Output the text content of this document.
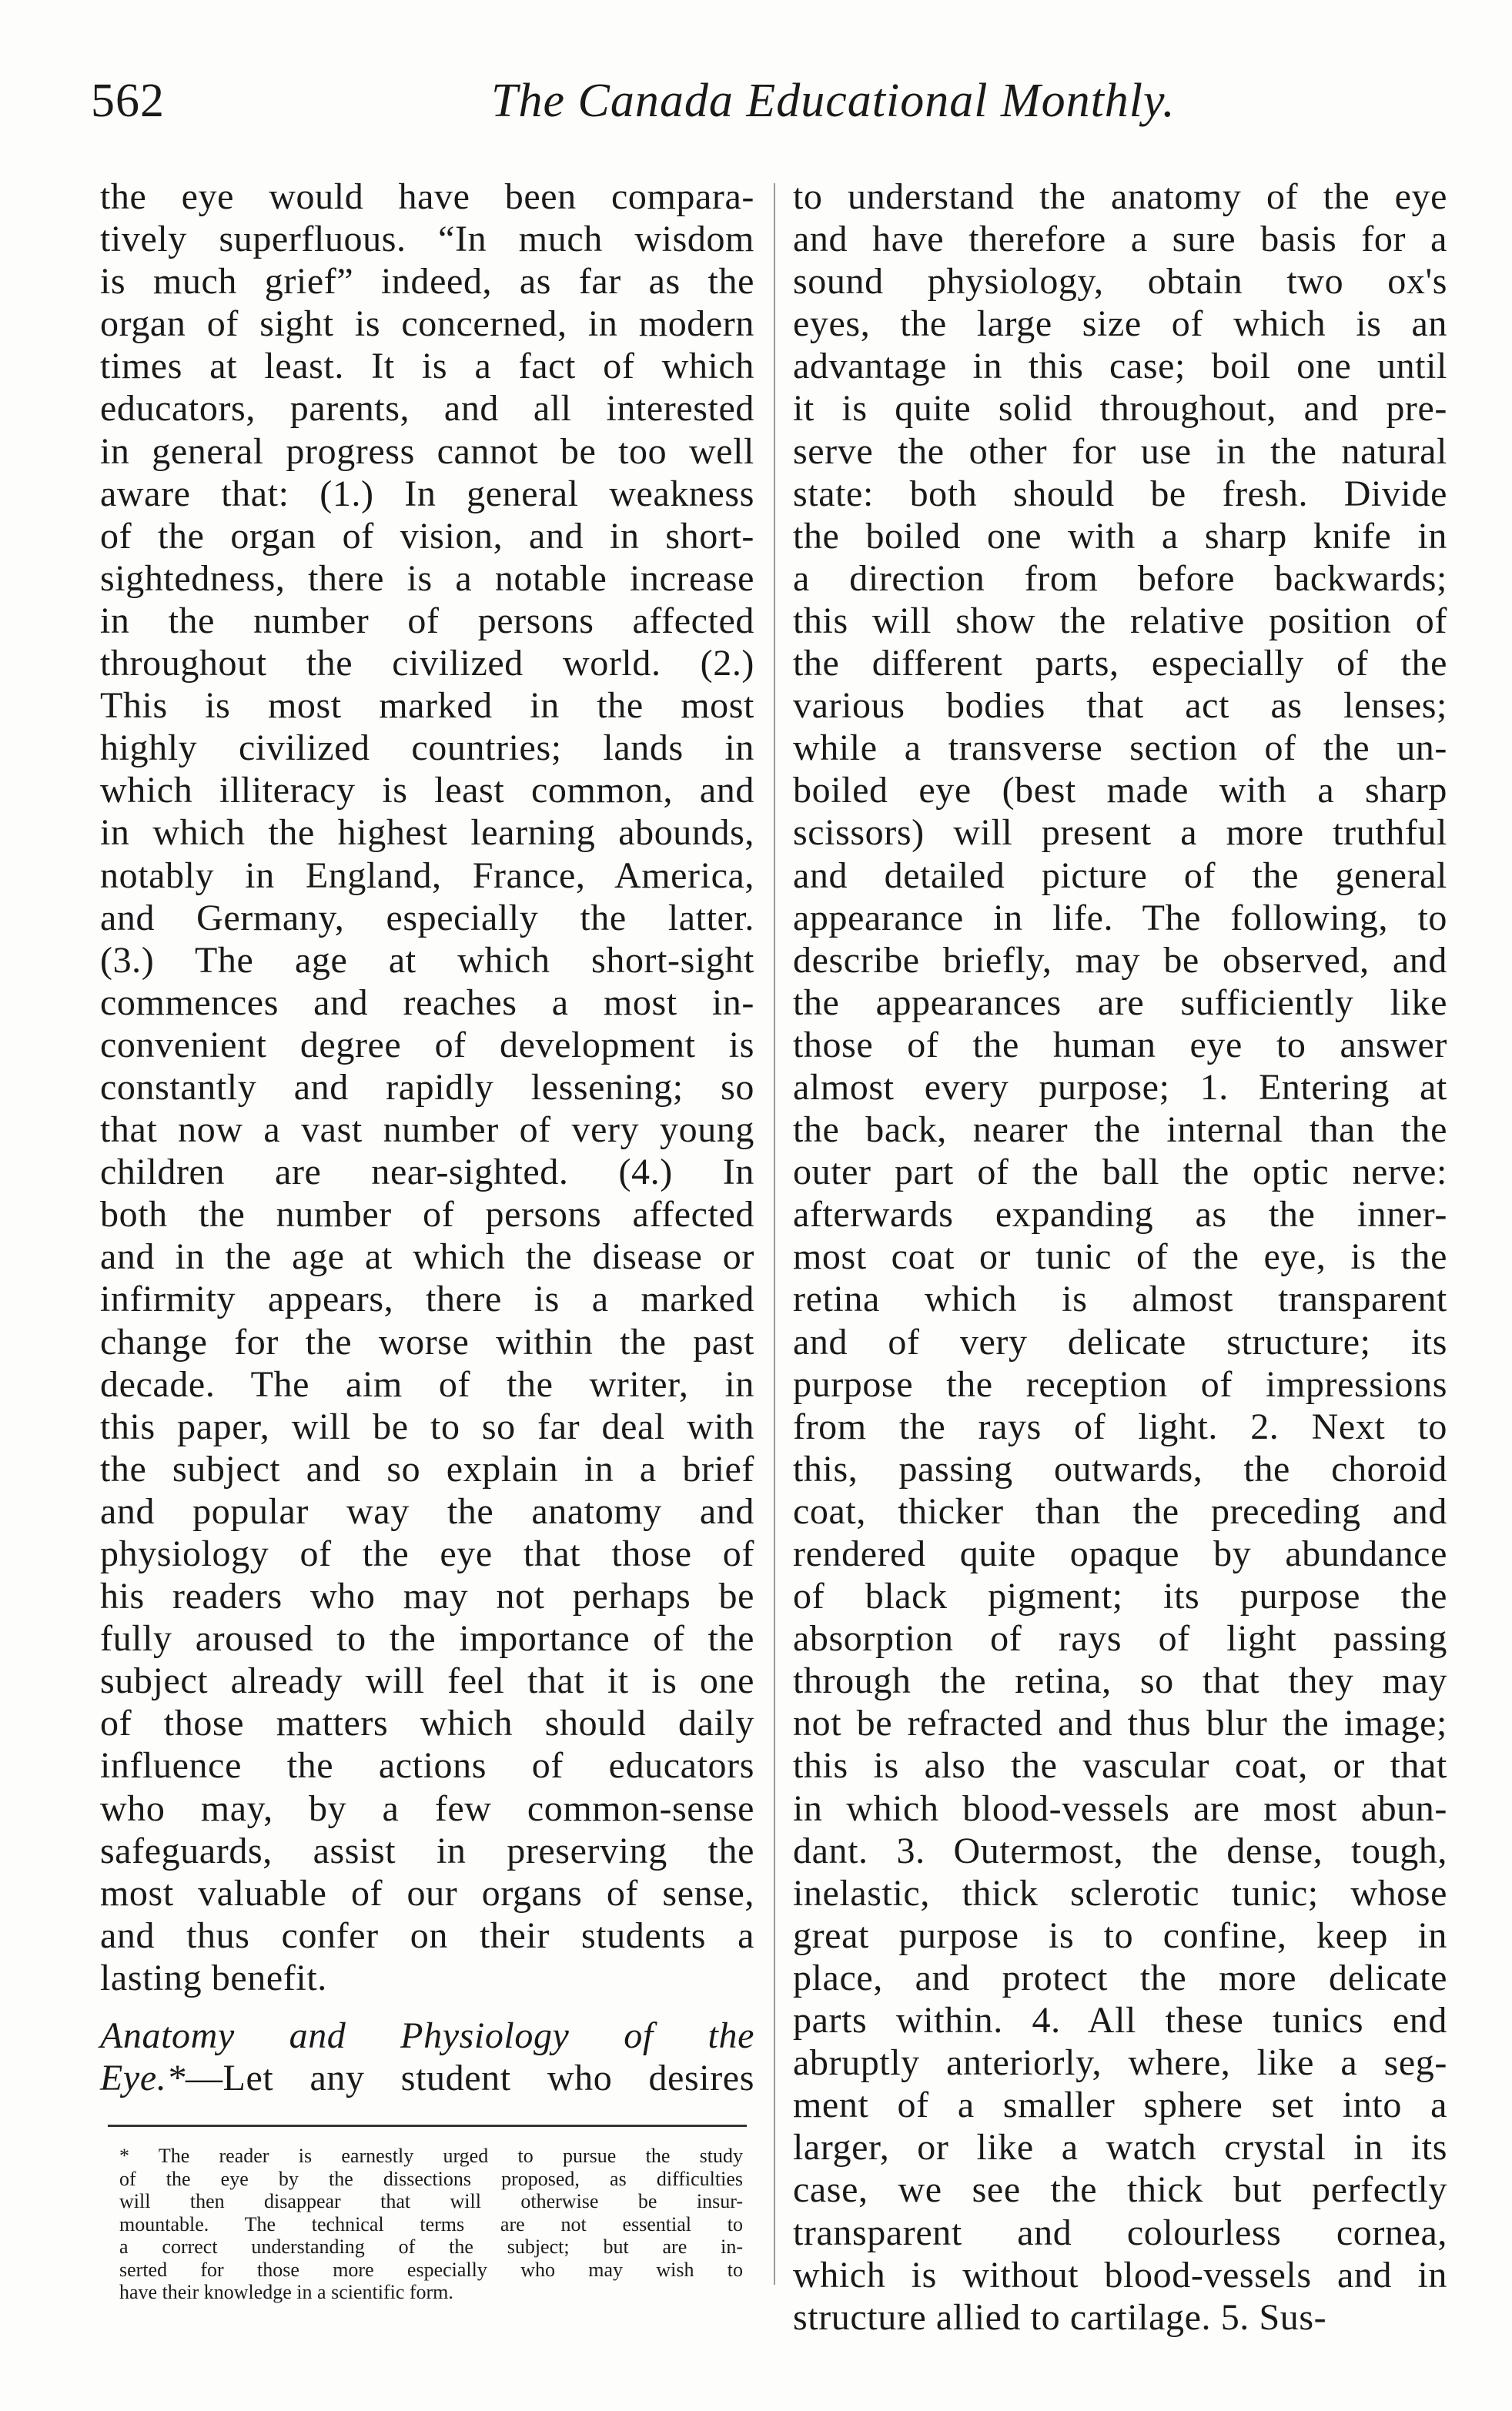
562	The Canada Educational Monthly.
the eye would have been compara-
tively superfluous. “In much wisdom
is much grief” indeed, as far as the
organ of sight is concerned, in modern
times at least. It is a fact of which
educators, parents, and all interested
in general progress cannot be too well
aware that: (1.) In general weakness
of the organ of vision, and in short-
sightedness, there is a notable increase
in the number of persons affected
throughout the civilized world. (2.)
This is most marked in the most
highly civilized countries; lands in
which illiteracy is least common, and
in which the highest learning abounds,
notably in England, France, America,
and Germany, especially the latter.
(3.) The age at which short-sight
commences and reaches a most in-
convenient degree of development is
constantly and rapidly lessening; so
that now a vast number of very young
children are near-sighted. (4.) In
both the number of persons affected
and in the age at which the disease or
infirmity appears, there is a marked
change for the worse within the past
decade. The aim of the writer, in
this paper, will be to so far deal with
the subject and so explain in a brief
and popular way the anatomy and
physiology of the eye that those of
his readers who may not perhaps be
fully aroused to the importance of the
subject already will feel that it is one
of those matters which should daily
influence the actions of educators
who may, by a few common-sense
safeguards, assist in preserving the
most valuable of our organs of sense,
and thus confer on their students a
lasting benefit.
Anatomy and Physiology of the
Eye.*—Let any student who desires
to understand the anatomy of the eye
and have therefore a sure basis for a
sound physiology, obtain two ox's
eyes, the large size of which is an
advantage in this case; boil one until
it is quite solid throughout, and pre-
serve the other for use in the natural
state: both should be fresh. Divide
the boiled one with a sharp knife in
a direction from before backwards;
this will show the relative position of
the different parts, especially of the
various bodies that act as lenses;
while a transverse section of the un-
boiled eye (best made with a sharp
scissors) will present a more truthful
and detailed picture of the general
appearance in life. The following, to
describe briefly, may be observed, and
the appearances are sufficiently like
those of the human eye to answer
almost every purpose; 1. Entering at
the back, nearer the internal than the
outer part of the ball the optic nerve:
afterwards expanding as the inner-
most coat or tunic of the eye, is the
retina which is almost transparent
and of very delicate structure; its
purpose the reception of impressions
from the rays of light. 2. Next to
this, passing outwards, the choroid
coat, thicker than the preceding and
rendered quite opaque by abundance
of black pigment; its purpose the
absorption of rays of light passing
through the retina, so that they may
not be refracted and thus blur the image;
this is also the vascular coat, or that
in which blood-vessels are most abun-
dant. 3. Outermost, the dense, tough,
inelastic, thick sclerotic tunic; whose
great purpose is to confine, keep in
place, and protect the more delicate
parts within. 4. All these tunics end
abruptly anteriorly, where, like a seg-
ment of a smaller sphere set into a
larger, or like a watch crystal in its
case, we see the thick but perfectly
transparent and colourless cornea,
which is without blood-vessels and in
structure allied to cartilage. 5. Sus-
* The reader is earnestly urged to pursue the study
of the eye by the dissections proposed, as difficulties
will then disappear that will otherwise be insur-
mountable. The technical terms are not essential to
a correct understanding of the subject; but are in-
serted for those more especially who may wish to
have their knowledge in a scientific form.
